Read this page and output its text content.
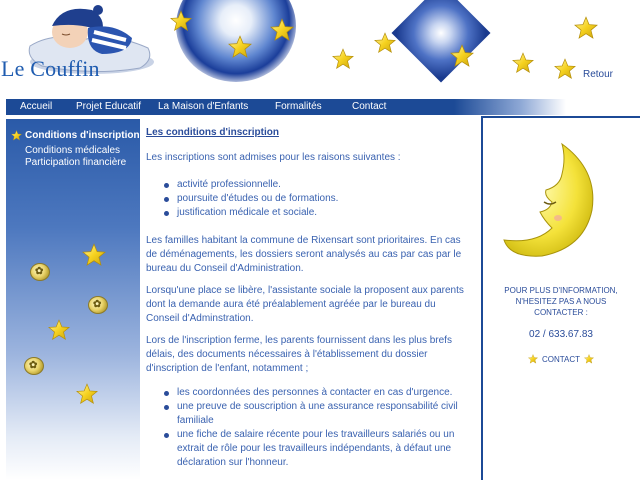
Le Couffin	Retour
Accueil Projet Educatif La Maison d'Enfants	Formalités	Contact
Conditions d'inscription
Conditions médicales
Participation financière
✿
✿
✿
Les conditions d'inscription
Les inscriptions sont admises pour les raisons suivantes :
activité professionnelle.
poursuite d'études ou de formations.
justification médicale et sociale.
Les familles habitant la commune de Rixensart sont prioritaires. En cas de déménagements, les dossiers seront analysés au cas par cas par le bureau du Conseil d'Administration.
Lorsqu'une place se libère, l'assistante sociale la proposent aux parents dont la demande aura été préalablement agréée par le bureau du Conseil d'Adminstration.
Lors de l'inscription ferme, les parents fournissent dans les plus brefs délais, des documents nécessaires à l'établissement du dossier d'inscription de l'enfant, notamment ;
les coordonnées des personnes à contacter en cas d'urgence.
une preuve de souscription à une assurance responsabilité civil familiale
une fiche de salaire récente pour les travailleurs salariés ou un extrait de rôle pour les travailleurs indépendants, à défaut une déclaration sur l'honneur.
POUR PLUS D'INFORMATION,
N'HESITEZ PAS A NOUS
CONTACTER :
02 / 633.67.83
CONTACT
